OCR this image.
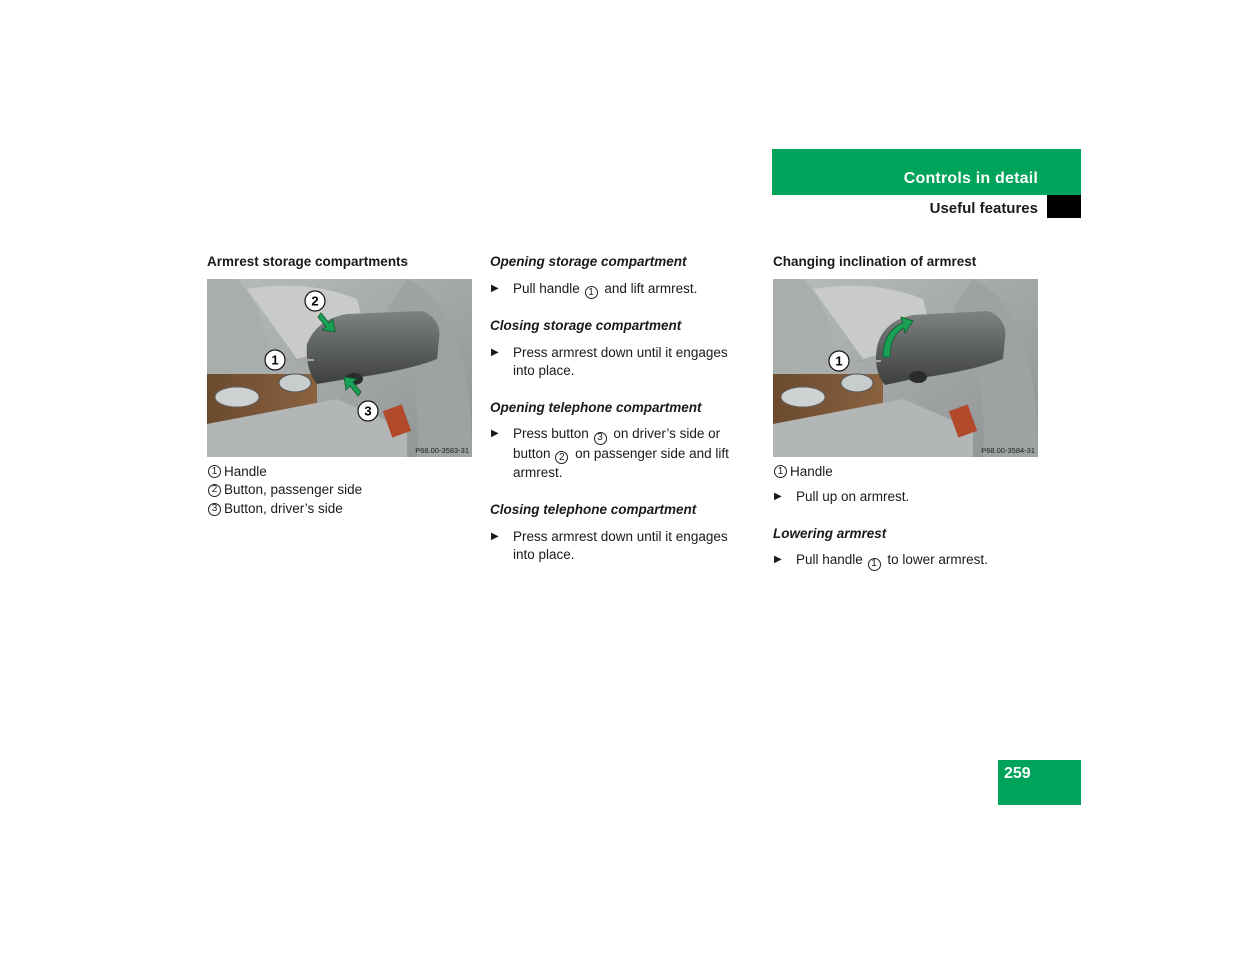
Controls in detail
Useful features
Armrest storage compartments
P68.00-3583-31
1
2
3
1 Handle
2 Button, passenger side
3 Button, driver’s side
Opening storage compartment
▶	Pull handle 1 and lift armrest.
Closing storage compartment
▶	Press armrest down until it engages into place.
Opening telephone compartment
▶	Press button 3 on driver’s side or button 2 on passenger side and lift armrest.
Closing telephone compartment
▶	Press armrest down until it engages into place.
Changing inclination of armrest
P68.00-3584-31
1
1 Handle
▶	Pull up on armrest.
Lowering armrest
▶	Pull handle 1 to lower armrest.
259
